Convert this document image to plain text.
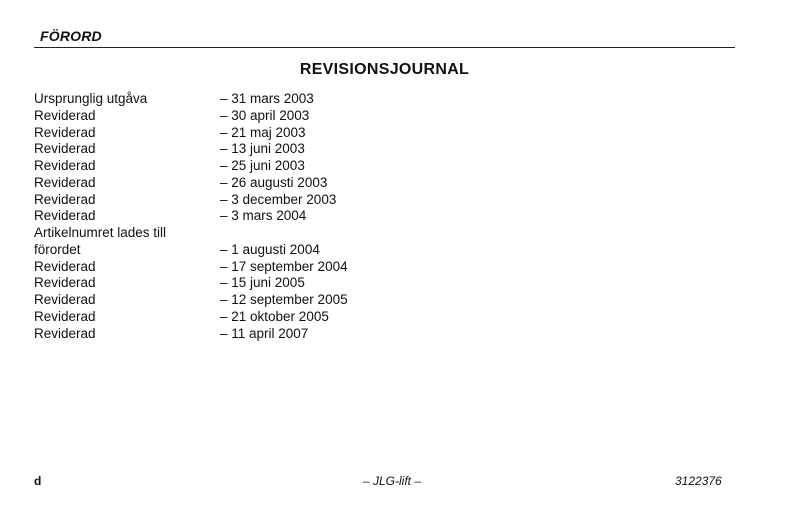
FÖRORD
REVISIONSJOURNAL
Ursprunglig utgåva	– 31 mars 2003
Reviderad	– 30 april 2003
Reviderad	– 21 maj 2003
Reviderad	– 13 juni 2003
Reviderad	– 25 juni 2003
Reviderad	– 26 augusti 2003
Reviderad	– 3 december 2003
Reviderad	– 3 mars 2004
Artikelnumret lades till
förordet	– 1 augusti 2004
Reviderad	– 17 september 2004
Reviderad	– 15 juni 2005
Reviderad	– 12 september 2005
Reviderad	– 21 oktober 2005
Reviderad	– 11 april 2007
d	– JLG-lift –	3122376
